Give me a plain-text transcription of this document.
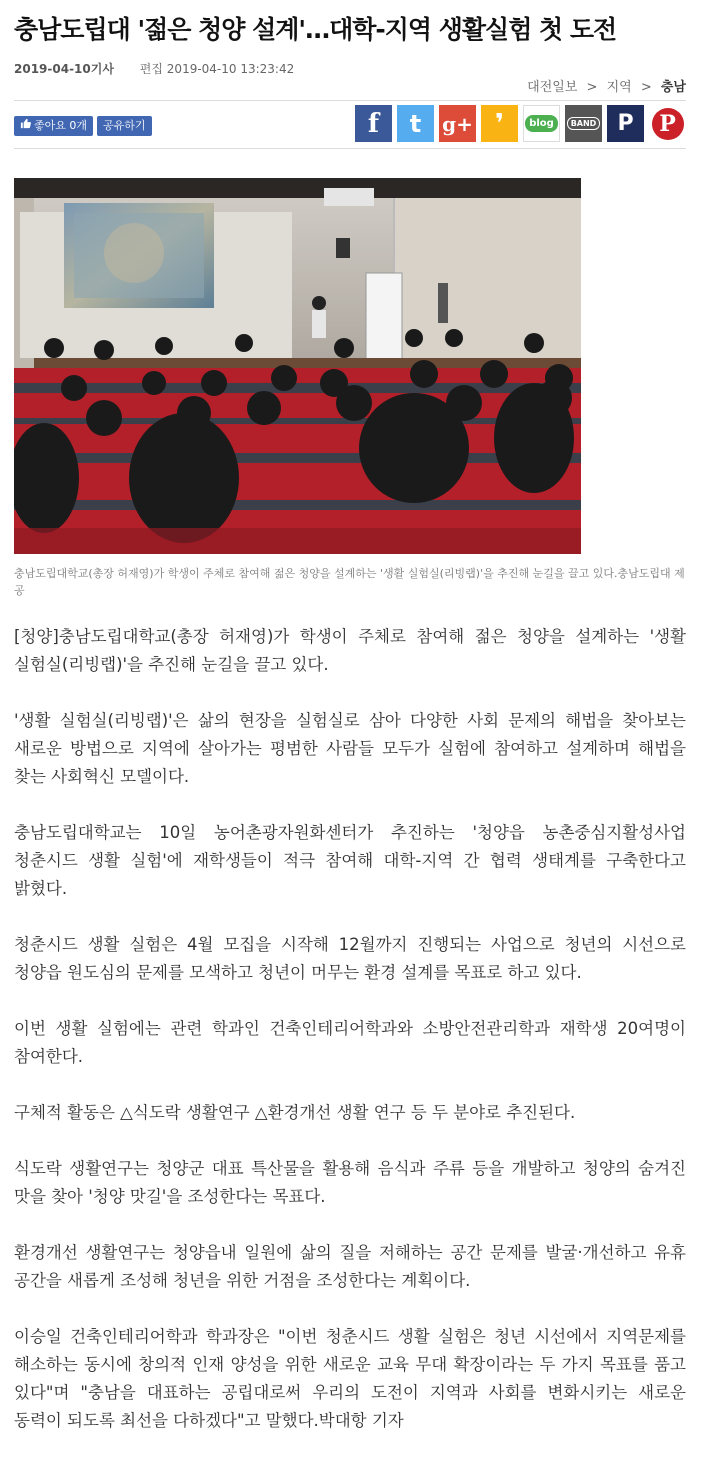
충남도립대 '젊은 청양 설계'…대학-지역 생활실험 첫 도전
2019-04-10기사 편집 2019-04-10 13:23:42
대전일보 > 지역 > 충남
좋아요 0개	공유하기	f	t	g+ ❜	blog	BAND P	P
충남도립대학교(총장 허재영)가 학생이 주체로 참여해 젊은 청양을 설계하는 '생활 실험실(리빙랩)'을 추진해 눈길을 끌고 있다.충남도립대 제공

[청양]충남도립대학교(총장 허재영)가 학생이 주체로 참여해 젊은 청양을 설계하는 '생활 실험실(리빙랩)'을 추진해 눈길을 끌고 있다.

'생활 실험실(리빙랩)'은 삶의 현장을 실험실로 삼아 다양한 사회 문제의 해법을 찾아보는 새로운 방법으로 지역에 살아가는 평범한 사람들 모두가 실험에 참여하고 설계하며 해법을 찾는 사회혁신 모델이다.

충남도립대학교는 10일 농어촌광자원화센터가 추진하는 '청양읍 농촌중심지활성사업 청춘시드 생활 실험'에 재학생들이 적극 참여해 대학-지역 간 협력 생태계를 구축한다고 밝혔다.

청춘시드 생활 실험은 4월 모집을 시작해 12월까지 진행되는 사업으로 청년의 시선으로 청양읍 원도심의 문제를 모색하고 청년이 머무는 환경 설계를 목표로 하고 있다.

이번 생활 실험에는 관련 학과인 건축인테리어학과와 소방안전관리학과 재학생 20여명이 참여한다.

구체적 활동은 △식도락 생활연구 △환경개선 생활 연구 등 두 분야로 추진된다.

식도락 생활연구는 청양군 대표 특산물을 활용해 음식과 주류 등을 개발하고 청양의 숨겨진 맛을 찾아 '청양 맛길'을 조성한다는 목표다.

환경개선 생활연구는 청양읍내 일원에 삶의 질을 저해하는 공간 문제를 발굴·개선하고 유휴 공간을 새롭게 조성해 청년을 위한 거점을 조성한다는 계획이다.

이승일 건축인테리어학과 학과장은 "이번 청춘시드 생활 실험은 청년 시선에서 지역문제를 해소하는 동시에 창의적 인재 양성을 위한 새로운 교육 무대 확장이라는 두 가지 목표를 품고 있다"며 "충남을 대표하는 공립대로써 우리의 도전이 지역과 사회를 변화시키는 새로운 동력이 되도록 최선을 다하겠다"고 말했다.박대항 기자
